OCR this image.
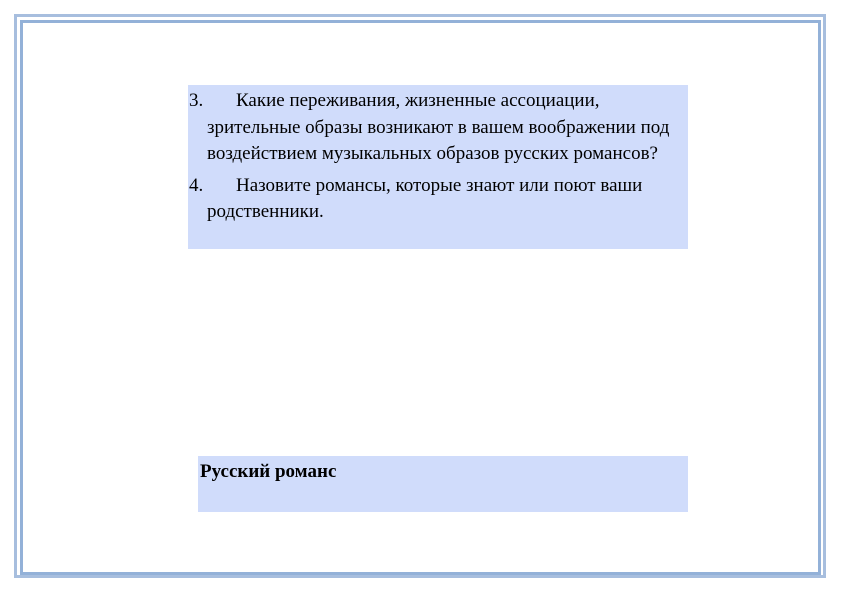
3.	Какие переживания, жизненные ассоциации, зрительные образы возникают в вашем воображении под воздействием музыкальных образов русских романсов?
4.	Назовите романсы, которые знают или поют ваши родственники.
Русский романс
